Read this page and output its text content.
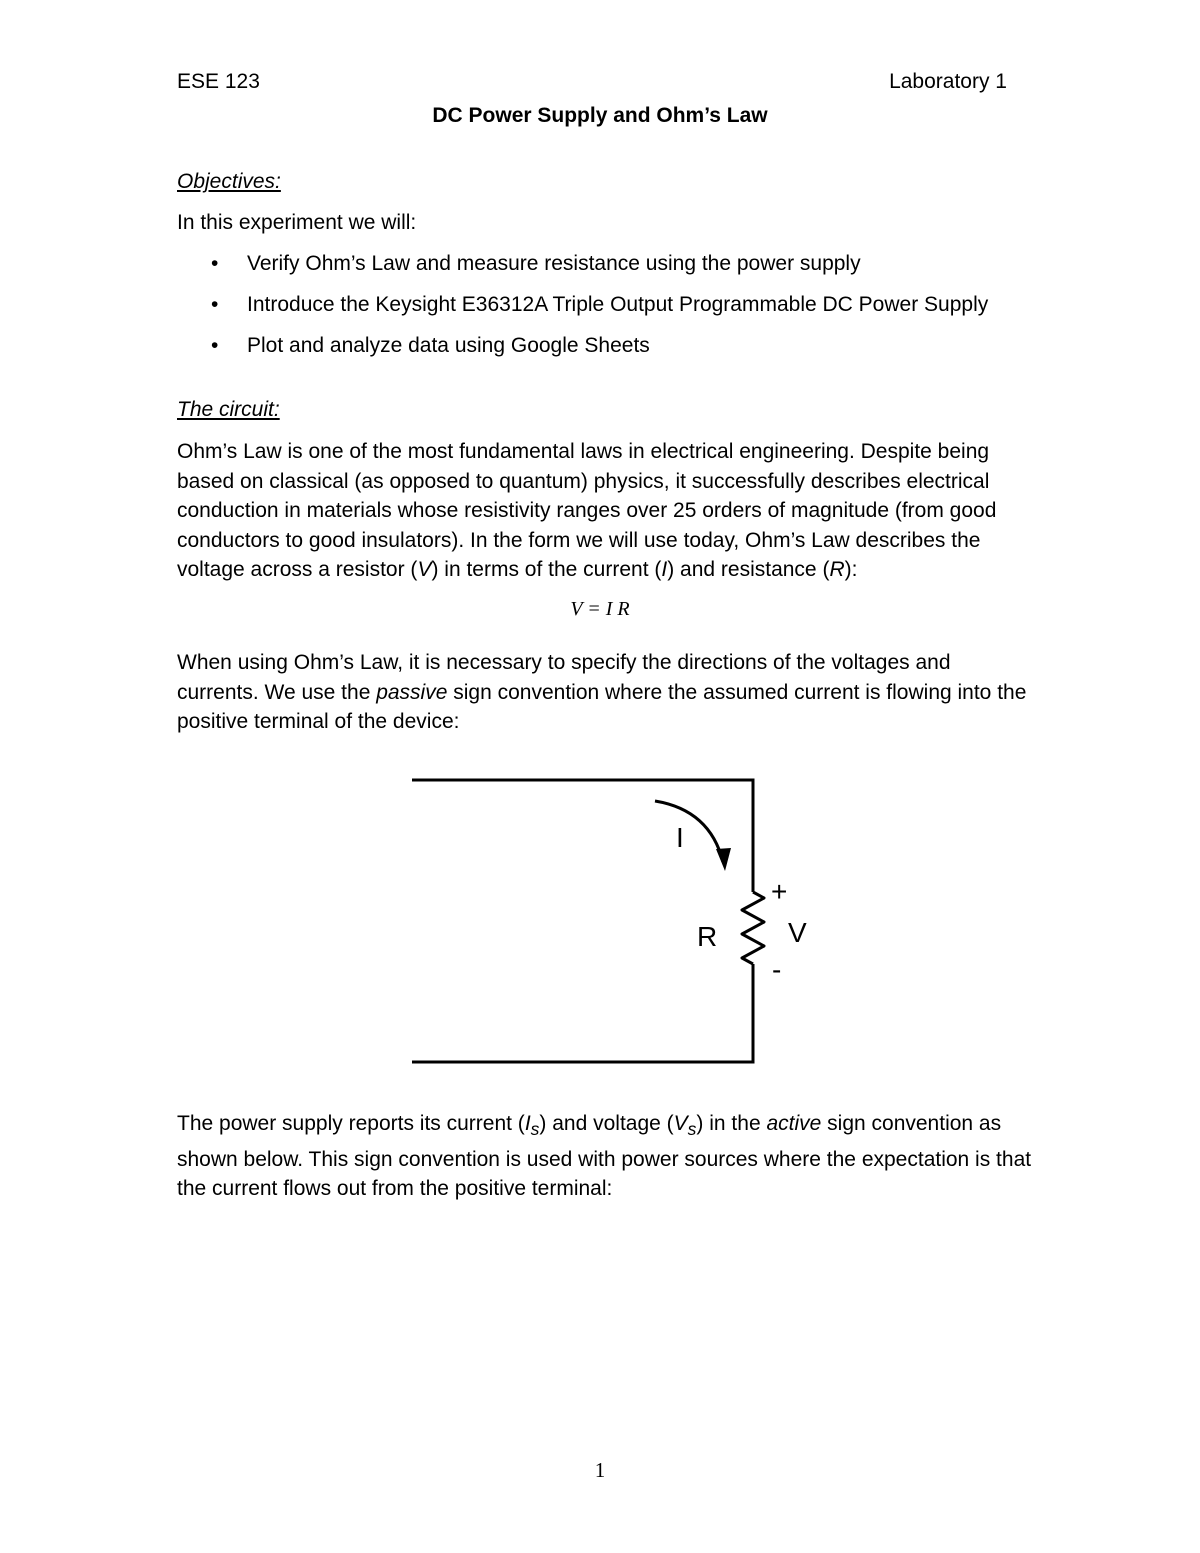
ESE 123	Laboratory 1
DC Power Supply and Ohm’s Law
Objectives:
In this experiment we will:
• Verify Ohm’s Law and measure resistance using the power supply
• Introduce the Keysight E36312A Triple Output Programmable DC Power Supply
• Plot and analyze data using Google Sheets
The circuit:

Ohm’s Law is one of the most fundamental laws in electrical engineering. Despite being based on classical (as opposed to quantum) physics, it successfully describes electrical conduction in materials whose resistivity ranges over 25 orders of magnitude (from good conductors to good insulators). In the form we will use today, Ohm’s Law describes the voltage across a resistor (V) in terms of the current (I) and resistance (R):

V = I R

When using Ohm’s Law, it is necessary to specify the directions of the voltages and currents. We use the passive sign convention where the assumed current is flowing into the positive terminal of the device:

I
R	V
+
-

The power supply reports its current $(I_s)$ and voltage $(V_s)$ in the active sign convention as shown below. This sign convention is used with power sources where the expectation is that the current flows out from the positive terminal:

1
